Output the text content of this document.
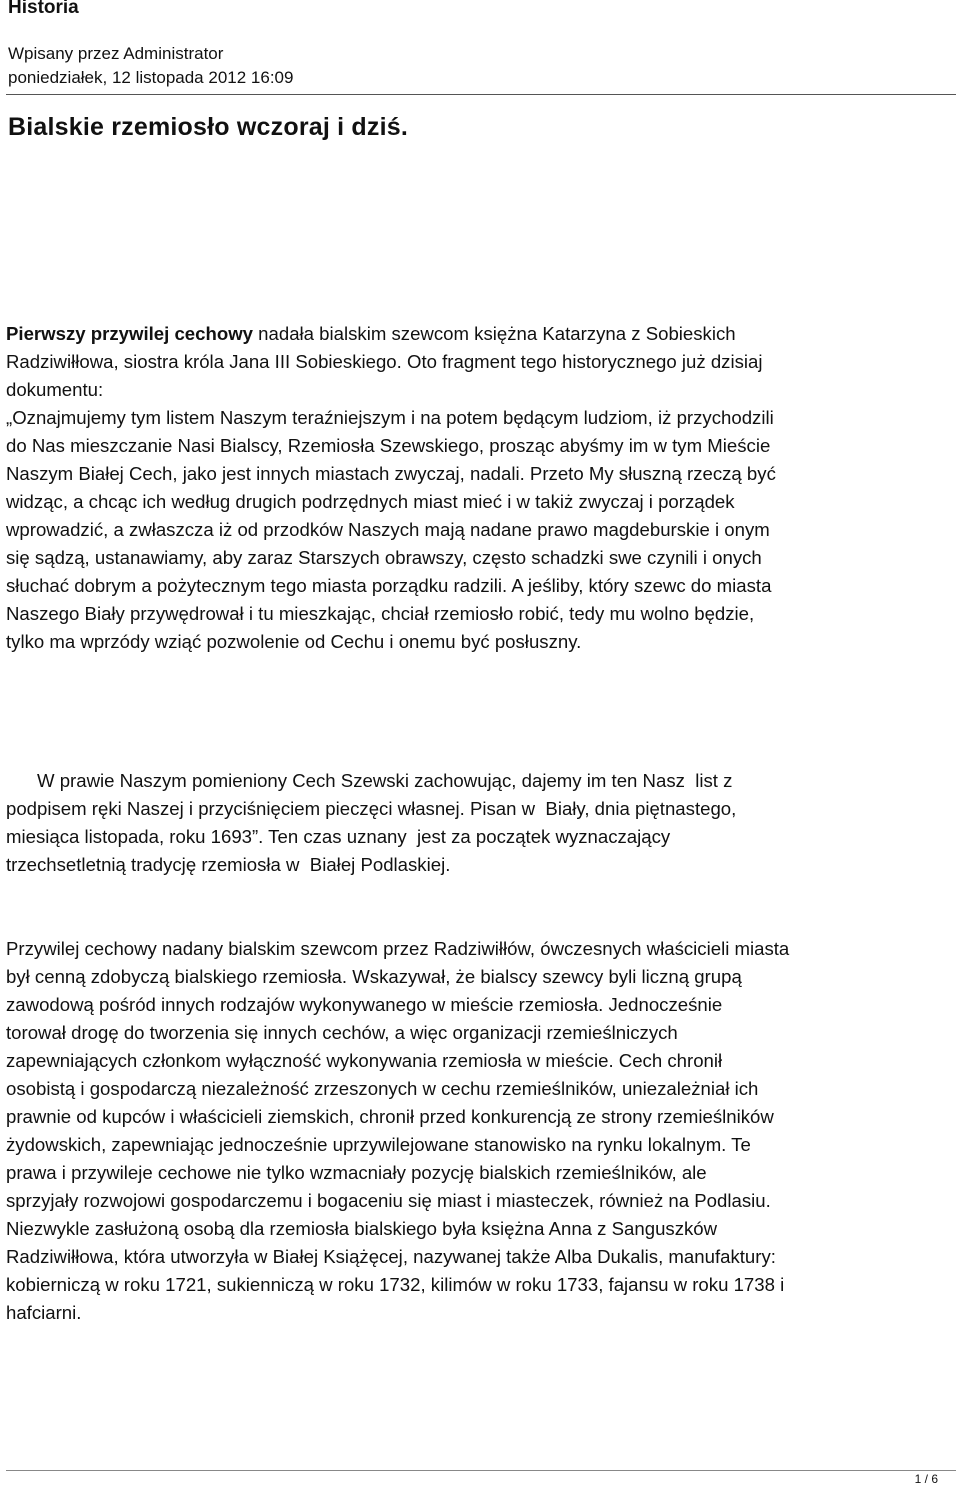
Historia
Wpisany przez Administrator
poniedziałek, 12 listopada 2012 16:09
Bialskie rzemiosło wczoraj i dziś.

Pierwszy przywilej cechowy nadała bialskim szewcom księżna Katarzyna z Sobieskich
Radziwiłłowa, siostra króla Jana III Sobieskiego. Oto fragment tego historycznego już dzisiaj
dokumentu:
„Oznajmujemy tym listem Naszym teraźniejszym i na potem będącym ludziom, iż przychodzili
do Nas mieszczanie Nasi Bialscy, Rzemiosła Szewskiego, prosząc abyśmy im w tym Mieście
Naszym Białej Cech, jako jest innych miastach zwyczaj, nadali. Przeto My słuszną rzeczą być
widząc, a chcąc ich według drugich podrzędnych miast mieć i w takiż zwyczaj i porządek
wprowadzić, a zwłaszcza iż od przodków Naszych mają nadane prawo magdeburskie i onym
się sądzą, ustanawiamy, aby zaraz Starszych obrawszy, często schadzki swe czynili i onych
słuchać dobrym a pożytecznym tego miasta porządku radzili. A jeśliby, który szewc do miasta
Naszego Biały przywędrował i tu mieszkając, chciał rzemiosło robić, tedy mu wolno będzie,
tylko ma wprzódy wziąć pozwolenie od Cechu i onemu być posłuszny.

W prawie Naszym pomieniony Cech Szewski zachowując, dajemy im ten Nasz  list z
podpisem ręki Naszej i przyciśnięciem pieczęci własnej. Pisan w  Biały, dnia piętnastego,
miesiąca listopada, roku 1693”. Ten czas uznany  jest za początek wyznaczający
trzechsetletnią tradycję rzemiosła w  Białej Podlaskiej.

Przywilej cechowy nadany bialskim szewcom przez Radziwiłłów, ówczesnych właścicieli miasta
był cenną zdobyczą bialskiego rzemiosła. Wskazywał, że bialscy szewcy byli liczną grupą
zawodową pośród innych rodzajów wykonywanego w mieście rzemiosła. Jednocześnie
torował drogę do tworzenia się innych cechów, a więc organizacji rzemieślniczych
zapewniających członkom wyłączność wykonywania rzemiosła w mieście. Cech chronił
osobistą i gospodarczą niezależność zrzeszonych w cechu rzemieślników, uniezależniał ich
prawnie od kupców i właścicieli ziemskich, chronił przed konkurencją ze strony rzemieślników
żydowskich, zapewniając jednocześnie uprzywilejowane stanowisko na rynku lokalnym. Te
prawa i przywileje cechowe nie tylko wzmacniały pozycję bialskich rzemieślników, ale
sprzyjały rozwojowi gospodarczemu i bogaceniu się miast i miasteczek, również na Podlasiu.
Niezwykle zasłużoną osobą dla rzemiosła bialskiego była księżna Anna z Sanguszków
Radziwiłłowa, która utworzyła w Białej Książęcej, nazywanej także Alba Dukalis, manufaktury:
kobierniczą w roku 1721, sukienniczą w roku 1732, kilimów w roku 1733, fajansu w roku 1738 i
hafciarni.

1 / 6
